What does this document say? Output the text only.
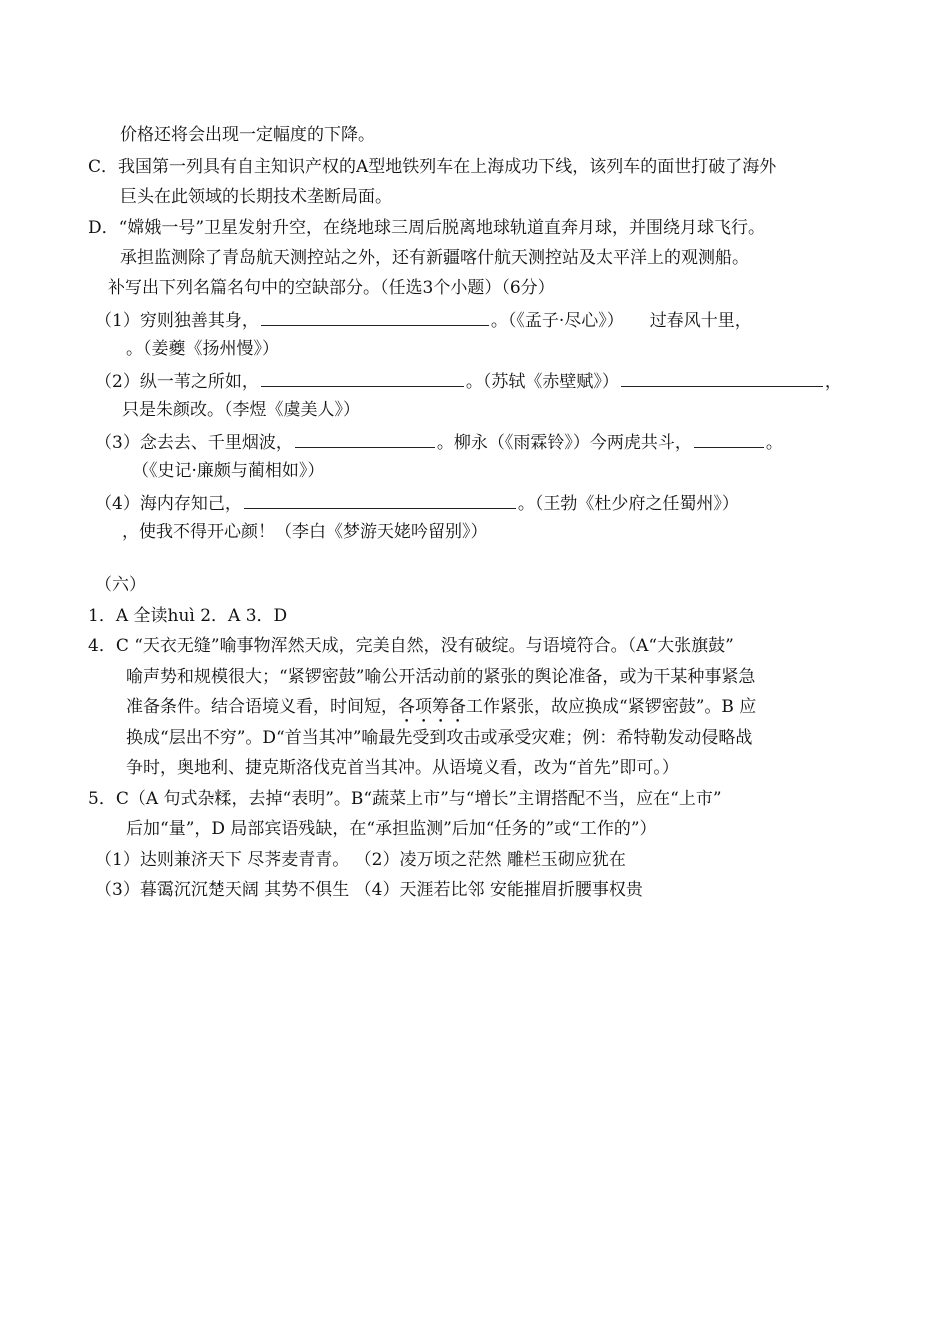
价格还将会出现一定幅度的下降。
C．我国第一列具有自主知识产权的A型地铁列车在上海成功下线，该列车的面世打破了海外
巨头在此领域的长期技术垄断局面。
D．“嫦娥一号”卫星发射升空，在绕地球三周后脱离地球轨道直奔月球，并围绕月球飞行。
承担监测除了青岛航天测控站之外，还有新疆喀什航天测控站及太平洋上的观测船。
补写出下列名篇名句中的空缺部分。（任选3个小题）（6分）
（1）穷则独善其身，	。（《孟子·尽心》） 过春风十里，
。（姜夔《扬州慢》）
（2）纵一苇之所如，	。（苏轼《赤壁赋》）	，
只是朱颜改。（李煜《虞美人》）
（3）念去去、千里烟波，	。柳永（《雨霖铃》）今两虎共斗，	。
（《史记·廉颇与蔺相如》）
（4）海内存知己，	。（王勃《杜少府之任蜀州》）
，使我不得开心颜！（李白《梦游天姥吟留别》）
（六）
1．A 全读huì 2．A 3．D
4．C “天衣无缝”喻事物浑然天成，完美自然，没有破绽。与语境符合。（A“大张旗鼓”
喻声势和规模很大；“紧锣密鼓”喻公开活动前的紧张的舆论准备，或为干某种事紧急
准备条件。结合语境义看，时间短，各项筹备工作紧张，故应换成“紧锣密鼓”。B 应
换成“层出不穷”。D“首当其冲”喻最先受到攻击或承受灾难；例：希特勒发动侵略战
争时，奥地利、捷克斯洛伐克首当其冲。从语境义看，改为“首先”即可。）
5．C（A 句式杂糅，去掉“表明”。B“蔬菜上市”与“增长”主谓搭配不当，应在“上市”
后加“量”，D 局部宾语残缺，在“承担监测”后加“任务的”或“工作的”）
（1）达则兼济天下 尽荠麦青青。 （2）凌万顷之茫然 雕栏玉砌应犹在
（3）暮霭沉沉楚天阔 其势不俱生 （4）天涯若比邻 安能摧眉折腰事权贵
